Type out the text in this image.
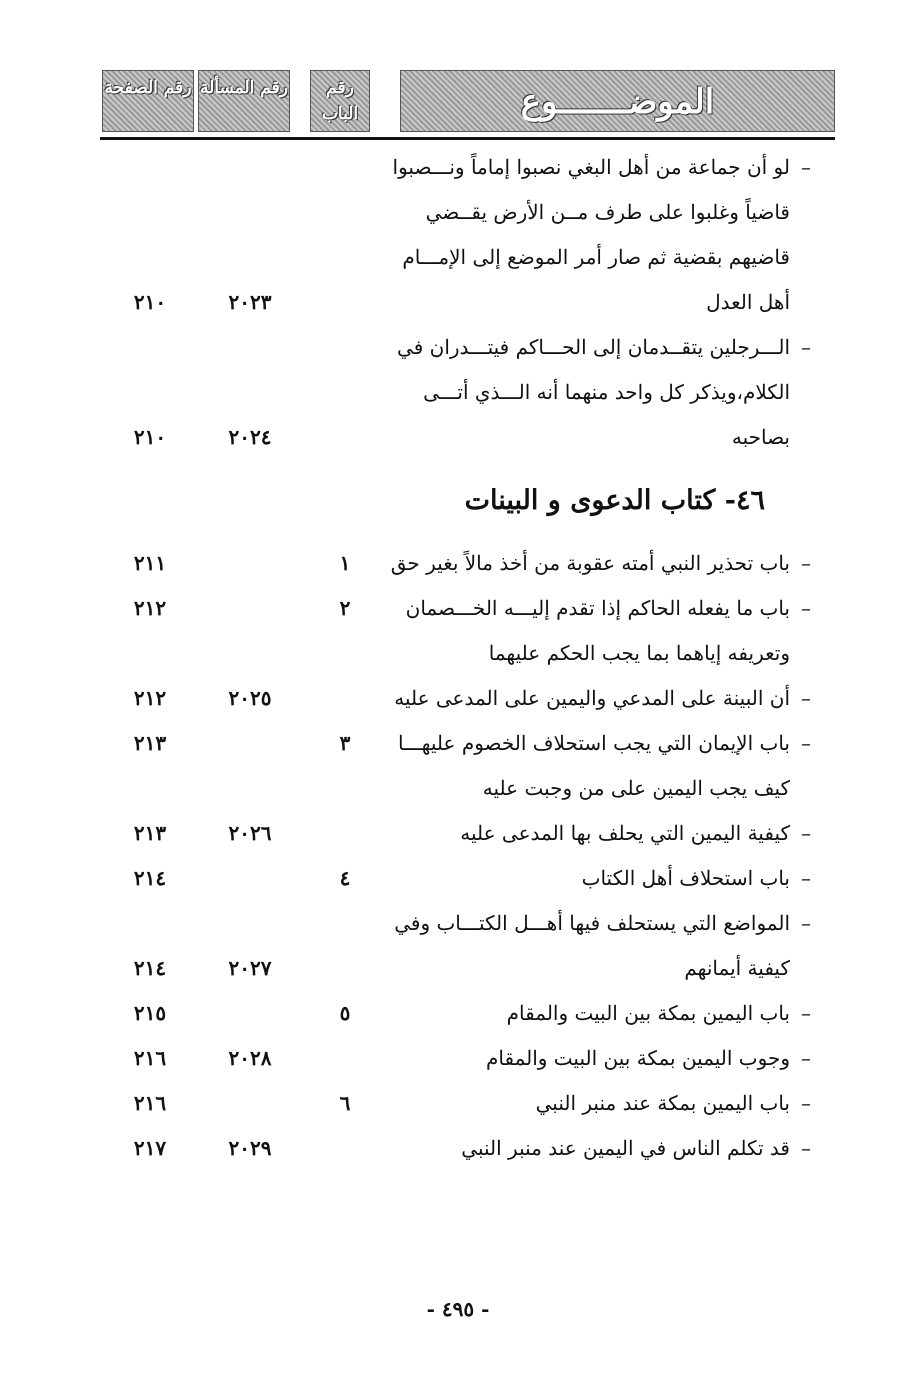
رقم الصفحة رقم المسألة	رقم الباب	الموضـــــــوع
٤٦- كتاب الدعوى و البينات
–
لو أن جماعة من أهل البغي نصبوا إماماً ونـــصبوا
قاضياً وغلبوا على طرف مــن الأرض يقــضي
قاضيهم بقضية ثم صار أمر الموضع إلى الإمـــام
أهل العدل
٢٠٢٣
٢١٠
–
الـــرجلين يتقــدمان إلى الحـــاكم فيتـــدران في
الكلام،ويذكر كل واحد منهما أنه الـــذي أتـــى
بصاحبه
٢٠٢٤
٢١٠
–
باب تحذير النبي أمته عقوبة من أخذ مالاً بغير حق
١
٢١١
–
باب ما يفعله الحاكم إذا تقدم إليـــه الخـــصمان
وتعريفه إياهما بما يجب الحكم عليهما
٢
٢١٢
–
أن البينة على المدعي واليمين على المدعى عليه
٢٠٢٥
٢١٢
–
باب الإيمان التي يجب استحلاف الخصوم عليهـــا
كيف يجب اليمين على من وجبت عليه
٣
٢١٣
–
كيفية اليمين التي يحلف بها المدعى عليه
٢٠٢٦
٢١٣
–
باب استحلاف أهل الكتاب
٤
٢١٤
–
المواضع التي يستحلف فيها أهـــل الكتـــاب وفي
كيفية أيمانهم
٢٠٢٧
٢١٤
–
باب اليمين بمكة بين البيت والمقام
٥
٢١٥
–
وجوب اليمين بمكة بين البيت والمقام
٢٠٢٨
٢١٦
–
باب اليمين بمكة عند منبر النبي
٦
٢١٦
–
قد تكلم الناس في اليمين عند منبر النبي
٢٠٢٩
٢١٧
- ٤٩٥ -
